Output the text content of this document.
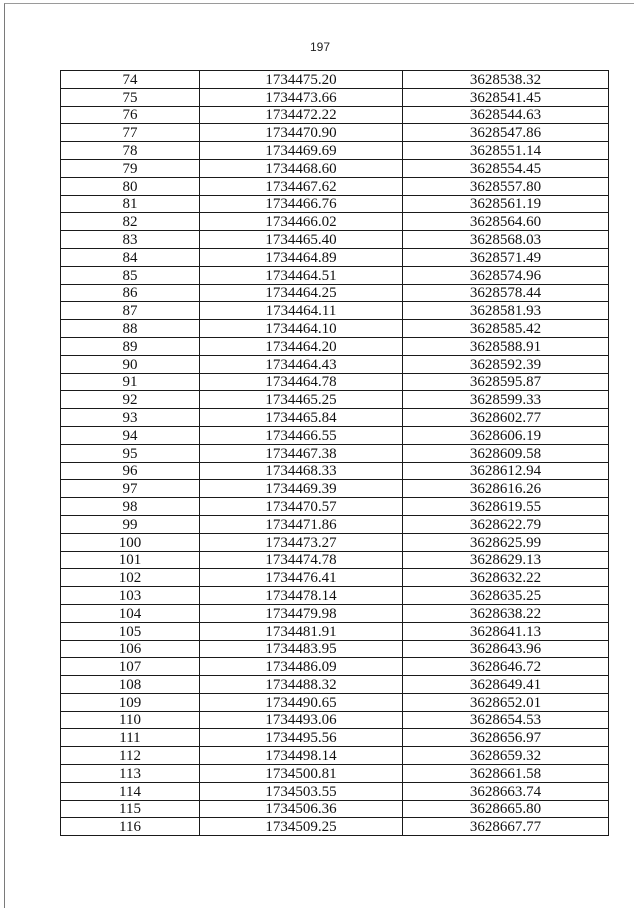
197
74	1734475.20	3628538.32
75	1734473.66	3628541.45
76	1734472.22	3628544.63
77	1734470.90	3628547.86
78	1734469.69	3628551.14
79	1734468.60	3628554.45
80	1734467.62	3628557.80
81	1734466.76	3628561.19
82	1734466.02	3628564.60
83	1734465.40	3628568.03
84	1734464.89	3628571.49
85	1734464.51	3628574.96
86	1734464.25	3628578.44
87	1734464.11	3628581.93
88	1734464.10	3628585.42
89	1734464.20	3628588.91
90	1734464.43	3628592.39
91	1734464.78	3628595.87
92	1734465.25	3628599.33
93	1734465.84	3628602.77
94	1734466.55	3628606.19
95	1734467.38	3628609.58
96	1734468.33	3628612.94
97	1734469.39	3628616.26
98	1734470.57	3628619.55
99	1734471.86	3628622.79
100	1734473.27	3628625.99
101	1734474.78	3628629.13
102	1734476.41	3628632.22
103	1734478.14	3628635.25
104	1734479.98	3628638.22
105	1734481.91	3628641.13
106	1734483.95	3628643.96
107	1734486.09	3628646.72
108	1734488.32	3628649.41
109	1734490.65	3628652.01
110	1734493.06	3628654.53
111	1734495.56	3628656.97
112	1734498.14	3628659.32
113	1734500.81	3628661.58
114	1734503.55	3628663.74
115	1734506.36	3628665.80
116	1734509.25	3628667.77
